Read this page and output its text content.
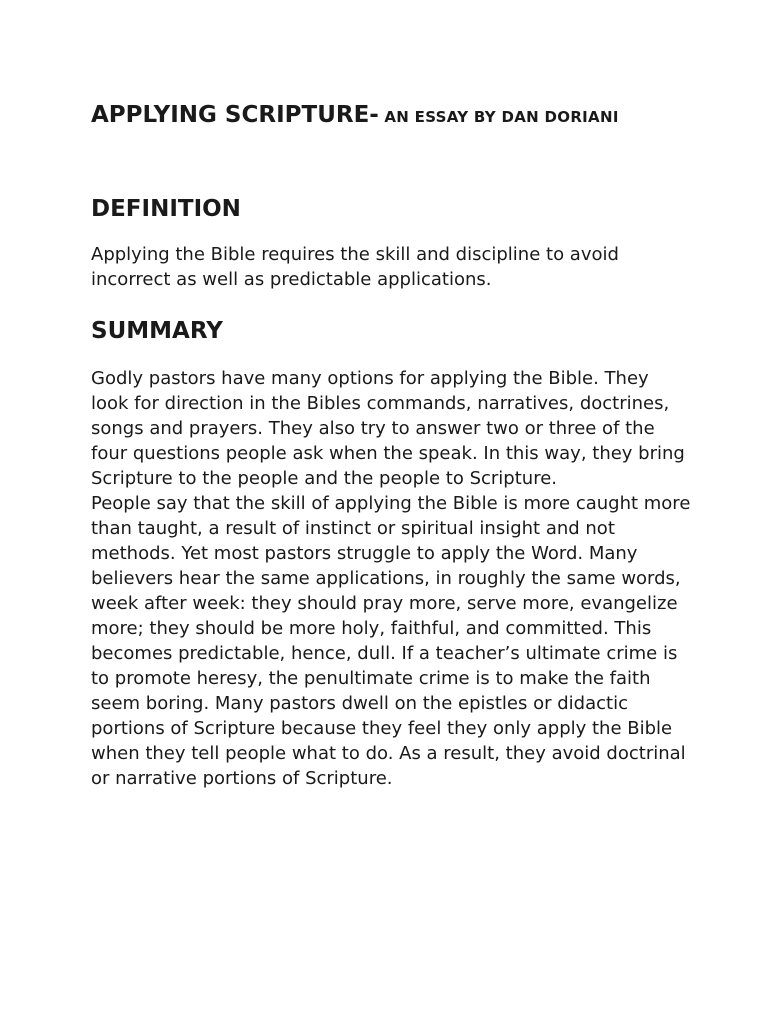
APPLYING SCRIPTURE- AN ESSAY BY DAN DORIANI
DEFINITION

Applying the Bible requires the skill and discipline to avoid incorrect as well as predictable applications.

SUMMARY

Godly pastors have many options for applying the Bible. They look for direction in the Bibles commands, narratives, doctrines, songs and prayers. They also try to answer two or three of the four questions people ask when the speak. In this way, they bring Scripture to the people and the people to Scripture.

People say that the skill of applying the Bible is more caught more than taught, a result of instinct or spiritual insight and not methods. Yet most pastors struggle to apply the Word. Many believers hear the same applications, in roughly the same words, week after week: they should pray more, serve more, evangelize more; they should be more holy, faithful, and committed. This becomes predictable, hence, dull. If a teacher’s ultimate crime is to promote heresy, the penultimate crime is to make the faith seem boring. Many pastors dwell on the epistles or didactic portions of Scripture because they feel they only apply the Bible when they tell people what to do. As a result, they avoid doctrinal or narrative portions of Scripture.
